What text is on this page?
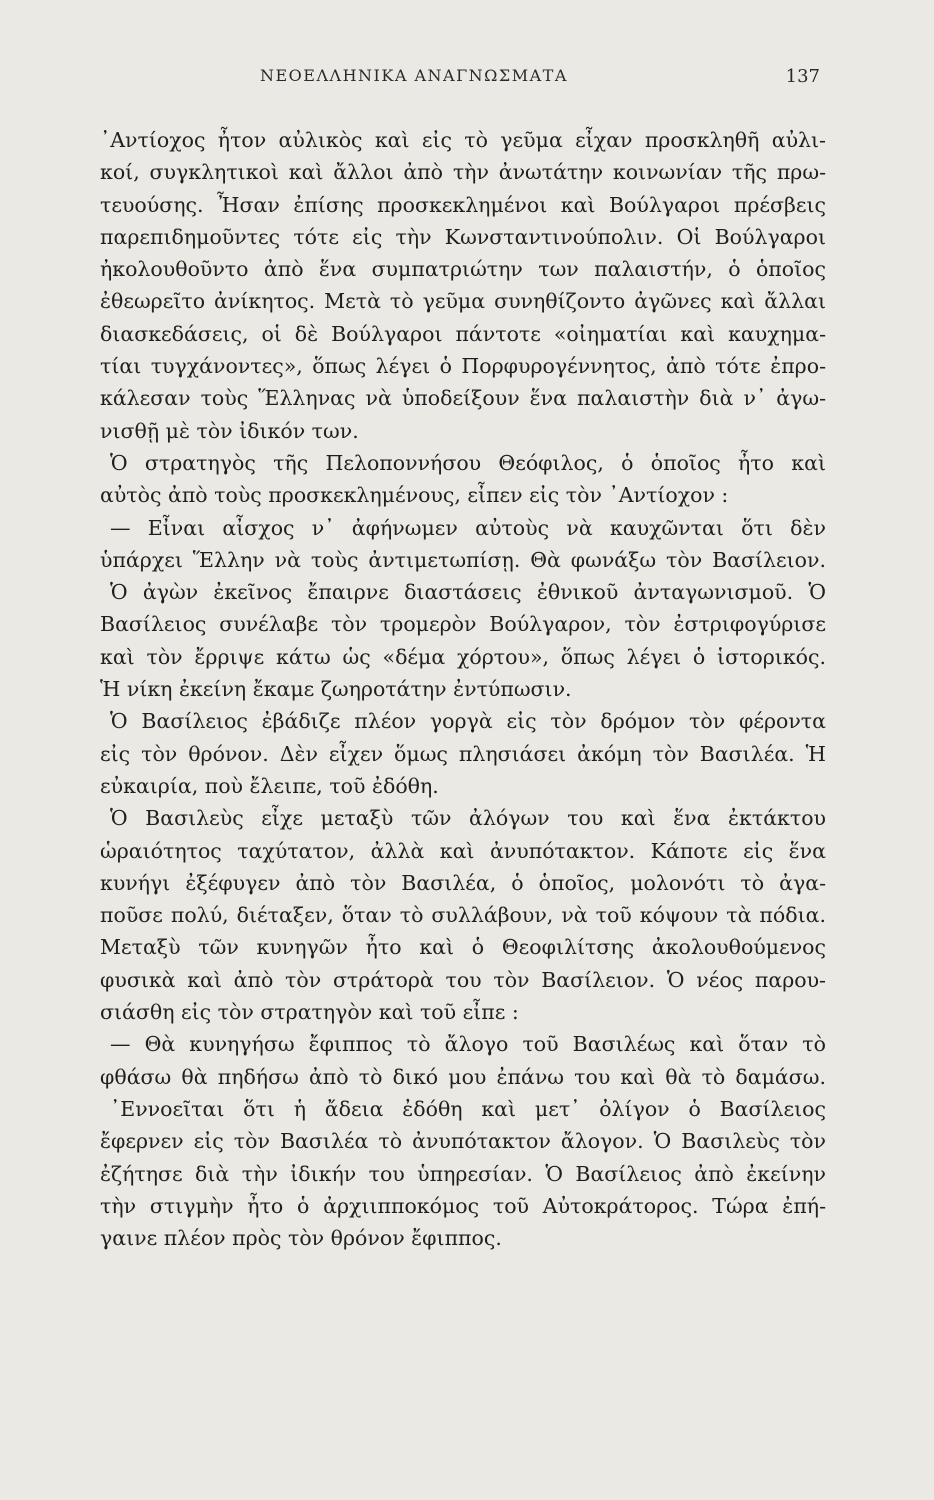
ΝΕΟΕΛΛΗΝΙΚΑ ΑΝΑΓΝΩΣΜΑΤΑ	137
᾿Αντίοχος ἦτον αὐλικὸς καὶ εἰς τὸ γεῦμα εἶχαν προσκληθῆ αὐλι-
κοί, συγκλητικοὶ καὶ ἄλλοι ἀπὸ τὴν ἀνωτάτην κοινωνίαν τῆς πρω-
τευούσης. Ἦσαν ἐπίσης προσκεκλημένοι καὶ Βούλγαροι πρέσβεις
παρεπιδημοῦντες τότε εἰς τὴν Κωνσταντινούπολιν. Οἱ Βούλγαροι
ἠκολουθοῦντο ἀπὸ ἕνα συμπατριώτην των παλαιστήν, ὁ ὁποῖος
ἐθεωρεῖτο ἀνίκητος. Μετὰ τὸ γεῦμα συνηθίζοντο ἀγῶνες καὶ ἄλλαι
διασκεδάσεις, οἱ δὲ Βούλγαροι πάντοτε «οἰηματίαι καὶ καυχημα-
τίαι τυγχάνοντες», ὅπως λέγει ὁ Πορφυρογέννητος, ἀπὸ τότε ἐπρο-
κάλεσαν τοὺς Ἕλληνας νὰ ὑποδείξουν ἕνα παλαιστὴν διὰ ν᾿ ἀγω-
νισθῇ μὲ τὸν ἰδικόν των.
Ὁ στρατηγὸς τῆς Πελοποννήσου Θεόφιλος, ὁ ὁποῖος ἦτο καὶ
αὐτὸς ἀπὸ τοὺς προσκεκλημένους, εἶπεν εἰς τὸν ᾿Αντίοχον :
— Εἶναι αἶσχος ν᾿ ἀφήνωμεν αὐτοὺς νὰ καυχῶνται ὅτι δὲν
ὑπάρχει Ἕλλην νὰ τοὺς ἀντιμετωπίσῃ. Θὰ φωνάξω τὸν Βασίλειον.
Ὁ ἀγὼν ἐκεῖνος ἔπαιρνε διαστάσεις ἐθνικοῦ ἀνταγωνισμοῦ. Ὁ
Βασίλειος συνέλαβε τὸν τρομερὸν Βούλγαρον, τὸν ἐστριφογύρισε
καὶ τὸν ἔρριψε κάτω ὡς «δέμα χόρτου», ὅπως λέγει ὁ ἱστορικός.
Ἡ νίκη ἐκείνη ἔκαμε ζωηροτάτην ἐντύπωσιν.
Ὁ Βασίλειος ἐβάδιζε πλέον γοργὰ εἰς τὸν δρόμον τὸν φέροντα
εἰς τὸν θρόνον. Δὲν εἶχεν ὅμως πλησιάσει ἀκόμη τὸν Βασιλέα. Ἡ
εὐκαιρία, ποὺ ἔλειπε, τοῦ ἐδόθη.
Ὁ Βασιλεὺς εἶχε μεταξὺ τῶν ἀλόγων του καὶ ἕνα ἐκτάκτου
ὡραιότητος ταχύτατον, ἀλλὰ καὶ ἀνυπότακτον. Κάποτε εἰς ἕνα
κυνήγι ἐξέφυγεν ἀπὸ τὸν Βασιλέα, ὁ ὁποῖος, μολονότι τὸ ἀγα-
ποῦσε πολύ, διέταξεν, ὅταν τὸ συλλάβουν, νὰ τοῦ κόψουν τὰ πόδια.
Μεταξὺ τῶν κυνηγῶν ἦτο καὶ ὁ Θεοφιλίτσης ἀκολουθούμενος
φυσικὰ καὶ ἀπὸ τὸν στράτορὰ του τὸν Βασίλειον. Ὁ νέος παρου-
σιάσθη εἰς τὸν στρατηγὸν καὶ τοῦ εἶπε :
— Θὰ κυνηγήσω ἔφιππος τὸ ἄλογο τοῦ Βασιλέως καὶ ὅταν τὸ
φθάσω θὰ πηδήσω ἀπὸ τὸ δικό μου ἐπάνω του καὶ θὰ τὸ δαμάσω.
᾿Εννοεῖται ὅτι ἡ ἄδεια ἐδόθη καὶ μετ᾿ ὀλίγον ὁ Βασίλειος
ἔφερνεν εἰς τὸν Βασιλέα τὸ ἀνυπότακτον ἄλογον. Ὁ Βασιλεὺς τὸν
ἐζήτησε διὰ τὴν ἰδικήν του ὑπηρεσίαν. Ὁ Βασίλειος ἀπὸ ἐκείνην
τὴν στιγμὴν ἦτο ὁ ἀρχιιπποκόμος τοῦ Αὐτοκράτορος. Τώρα ἐπή-
γαινε πλέον πρὸς τὸν θρόνον ἔφιππος.
